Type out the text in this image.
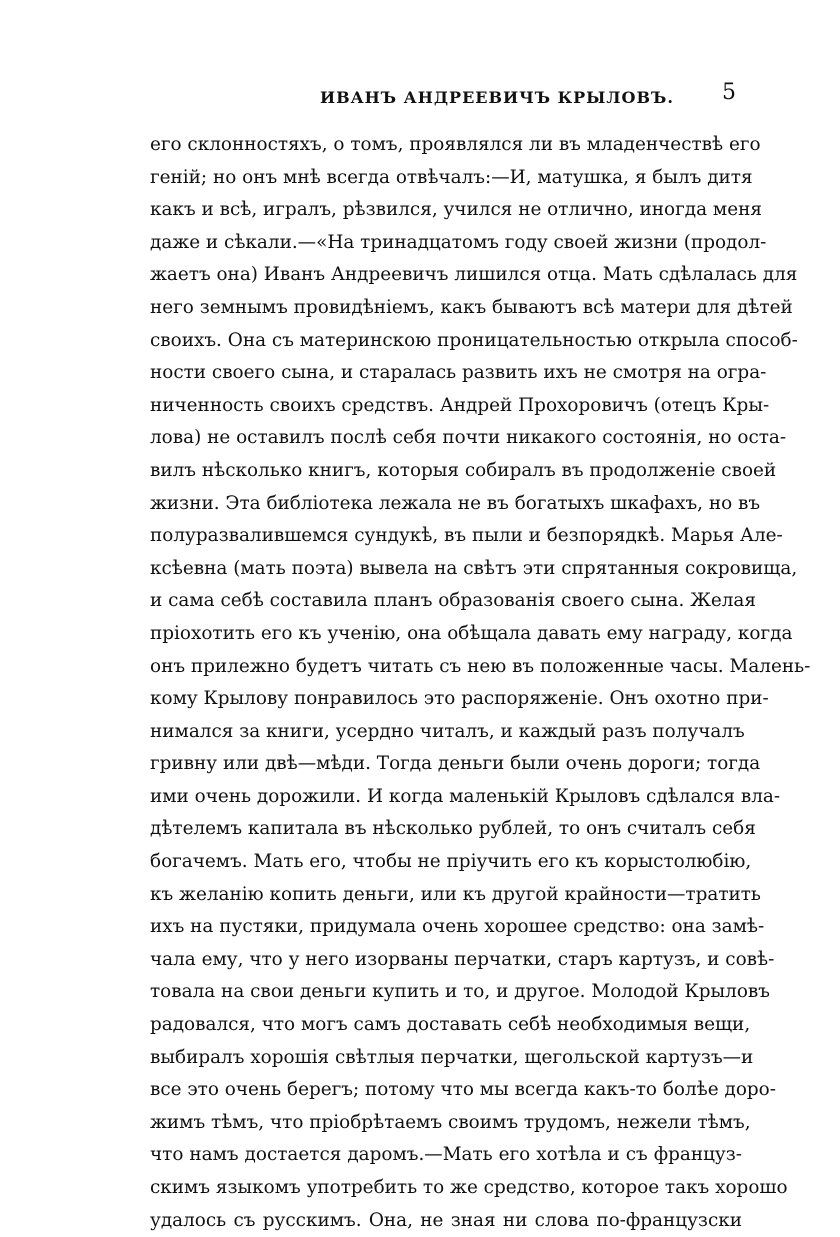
ИВАНЪ АНДРЕЕВИЧЪ КРЫЛОВЪ. 5
его склонностяхъ, о томъ, проявлялся ли въ младенчествѣ его
геній; но онъ мнѣ всегда отвѣчалъ:—И, матушка, я былъ дитя
какъ и всѣ, игралъ, рѣзвился, учился не отлично, иногда меня
даже и сѣкали.—«На тринадцатомъ году своей жизни (продол-
жаетъ она) Иванъ Андреевичъ лишился отца. Мать сдѣлалась для
него земнымъ провидѣніемъ, какъ бываютъ всѣ матери для дѣтей
своихъ. Она съ материнскою проницательностью открыла способ-
ности своего сына, и старалась развить ихъ не смотря на огра-
ниченность своихъ средствъ. Андрей Прохоровичъ (отецъ Кры-
лова) не оставилъ послѣ себя почти никакого состоянія, но оста-
вилъ нѣсколько книгъ, которыя собиралъ въ продолженіе своей
жизни. Эта библіотека лежала не въ богатыхъ шкафахъ, но въ
полуразвалившемся сундукѣ, въ пыли и безпорядкѣ. Марья Але-
ксѣевна (мать поэта) вывела на свѣтъ эти спрятанныя сокровища,
и сама себѣ составила планъ образованія своего сына. Желая
пріохотить его къ ученію, она обѣщала давать ему награду, когда
онъ прилежно будетъ читать съ нею въ положенные часы. Малень-
кому Крылову понравилось это распоряженіе. Онъ охотно при-
нимался за книги, усердно читалъ, и каждый разъ получалъ
гривну или двѣ—мѣди. Тогда деньги были очень дороги; тогда
ими очень дорожили. И когда маленькій Крыловъ сдѣлался вла-
дѣтелемъ капитала въ нѣсколько рублей, то онъ считалъ себя
богачемъ. Мать его, чтобы не пріучить его къ корыстолюбію,
къ желанію копить деньги, или къ другой крайности—тратить
ихъ на пустяки, придумала очень хорошее средство: она замѣ-
чала ему, что у него изорваны перчатки, старъ картузъ, и совѣ-
товала на свои деньги купить и то, и другое. Молодой Крыловъ
радовался, что могъ самъ доставать себѣ необходимыя вещи,
выбиралъ хорошія свѣтлыя перчатки, щегольской картузъ—и
все это очень берегъ; потому что мы всегда какъ-то болѣе доро-
жимъ тѣмъ, что пріобрѣтаемъ своимъ трудомъ, нежели тѣмъ,
что намъ достается даромъ.—Мать его хотѣла и съ француз-
скимъ языкомъ употребить то же средство, которое такъ хорошо
удалось съ русскимъ. Она, не зная ни слова по-французски
